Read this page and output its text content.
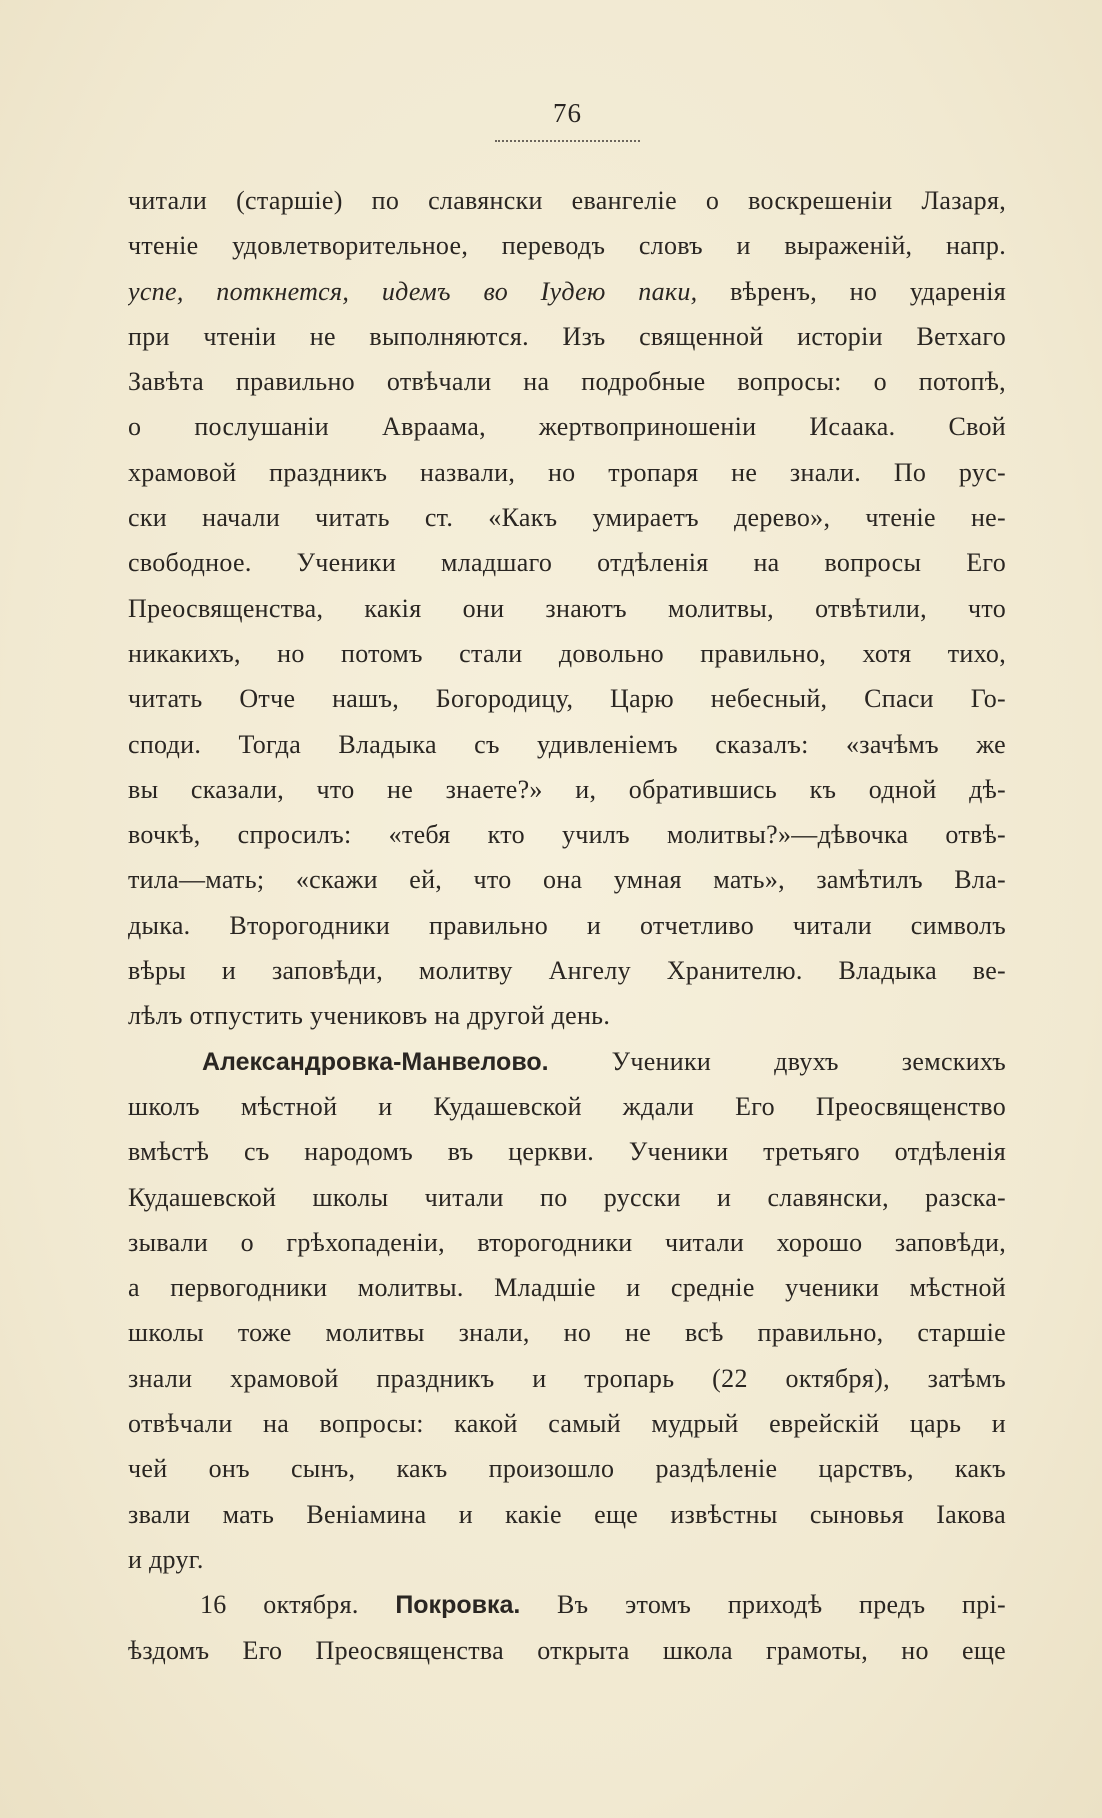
76
читали (старшіе) по славянски евангеліе о воскрешеніи Лазаря,
чтеніе удовлетворительное, переводъ словъ и выраженій, напр.
успе, поткнется, идемъ во Іудею паки, вѣренъ, но ударенія
при чтеніи не выполняются. Изъ священной исторіи Ветхаго
Завѣта правильно отвѣчали на подробные вопросы: о потопѣ,
о послушаніи Авраама, жертвоприношеніи Исаака. Свой
храмовой праздникъ назвали, но тропаря не знали. По рус-
ски начали читать ст. «Какъ умираетъ дерево», чтеніе не-
свободное. Ученики младшаго отдѣленія на вопросы Его
Преосвященства, какія они знаютъ молитвы, отвѣтили, что
никакихъ, но потомъ стали довольно правильно, хотя тихо,
читать Отче нашъ, Богородицу, Царю небесный, Спаси Го-
споди. Тогда Владыка съ удивленіемъ сказалъ: «зачѣмъ же
вы сказали, что не знаете?» и, обратившись къ одной дѣ-
вочкѣ, спросилъ: «тебя кто училъ молитвы?»—дѣвочка отвѣ-
тила—мать; «скажи ей, что она умная мать», замѣтилъ Вла-
дыка. Второгодники правильно и отчетливо читали символъ
вѣры и заповѣди, молитву Ангелу Хранителю. Владыка ве-
лѣлъ отпустить учениковъ на другой день.
Александровка-Манвелово. Ученики двухъ земскихъ
школъ мѣстной и Кудашевской ждали Его Преосвященство
вмѣстѣ съ народомъ въ церкви. Ученики третьяго отдѣленія
Кудашевской школы читали по русски и славянски, разска-
зывали о грѣхопаденіи, второгодники читали хорошо заповѣди,
а первогодники молитвы. Младшіе и средніе ученики мѣстной
школы тоже молитвы знали, но не всѣ правильно, старшіе
знали храмовой праздникъ и тропарь (22 октября), затѣмъ
отвѣчали на вопросы: какой самый мудрый еврейскій царь и
чей онъ сынъ, какъ произошло раздѣленіе царствъ, какъ
звали мать Веніамина и какіе еще извѣстны сыновья Іакова
и друг.
16 октября. Покровка. Въ этомъ приходѣ предъ прі-
ѣздомъ Его Преосвященства открыта школа грамоты, но еще
